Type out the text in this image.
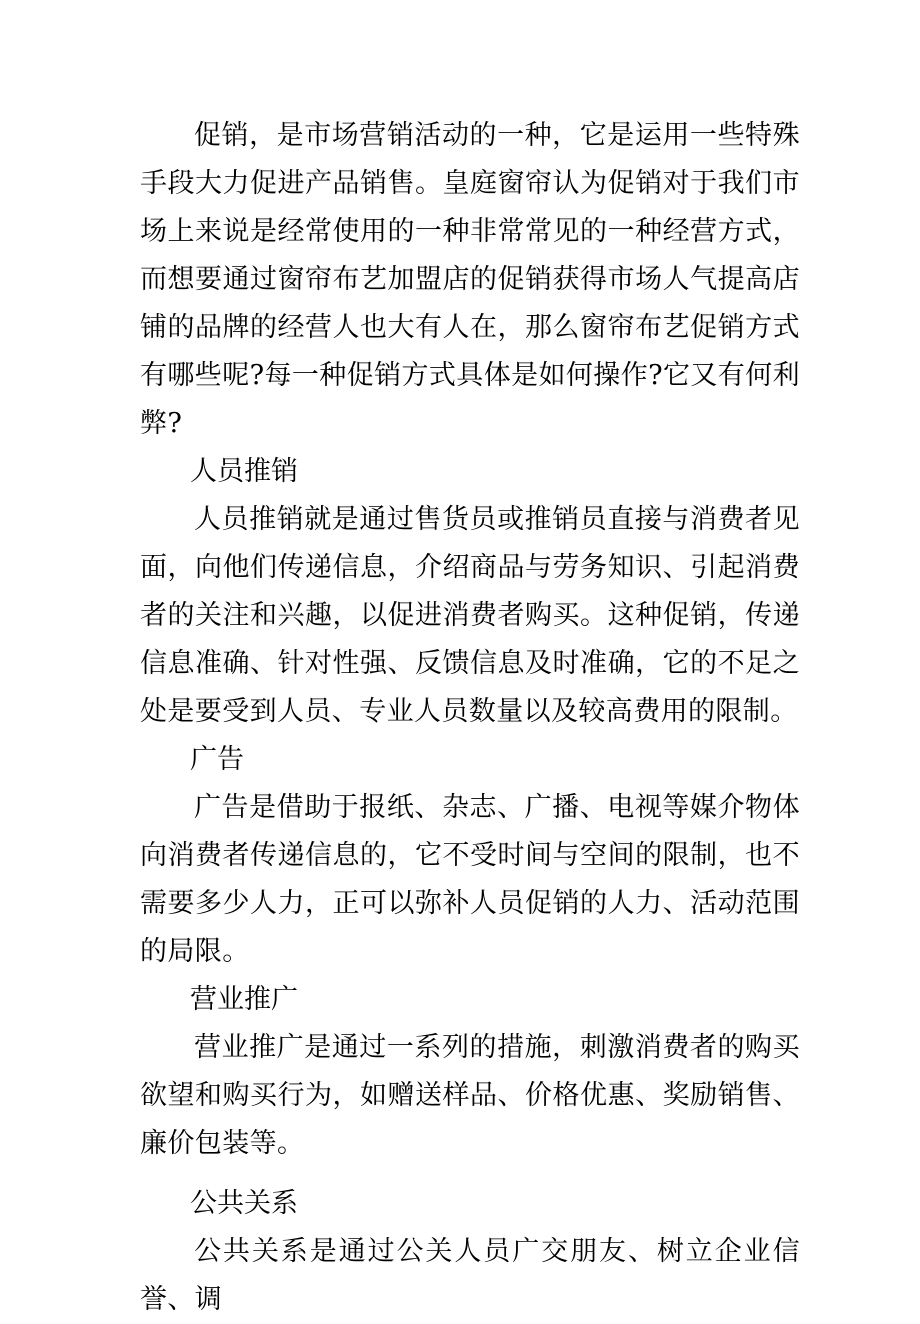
促销，是市场营销活动的一种，它是运用一些特殊手段大力促进产品销售。皇庭窗帘认为促销对于我们市场上来说是经常使用的一种非常常见的一种经营方式，而想要通过窗帘布艺加盟店的促销获得市场人气提高店铺的品牌的经营人也大有人在，那么窗帘布艺促销方式有哪些呢?每一种促销方式具体是如何操作?它又有何利弊?

人员推销

人员推销就是通过售货员或推销员直接与消费者见面，向他们传递信息，介绍商品与劳务知识、引起消费者的关注和兴趣，以促进消费者购买。这种促销，传递信息准确、针对性强、反馈信息及时准确，它的不足之处是要受到人员、专业人员数量以及较高费用的限制。

广告

广告是借助于报纸、杂志、广播、电视等媒介物体向消费者传递信息的，它不受时间与空间的限制，也不需要多少人力，正可以弥补人员促销的人力、活动范围的局限。

营业推广

营业推广是通过一系列的措施，刺激消费者的购买欲望和购买行为，如赠送样品、价格优惠、奖励销售、廉价包装等。

公共关系

公共关系是通过公关人员广交朋友、树立企业信誉、调
